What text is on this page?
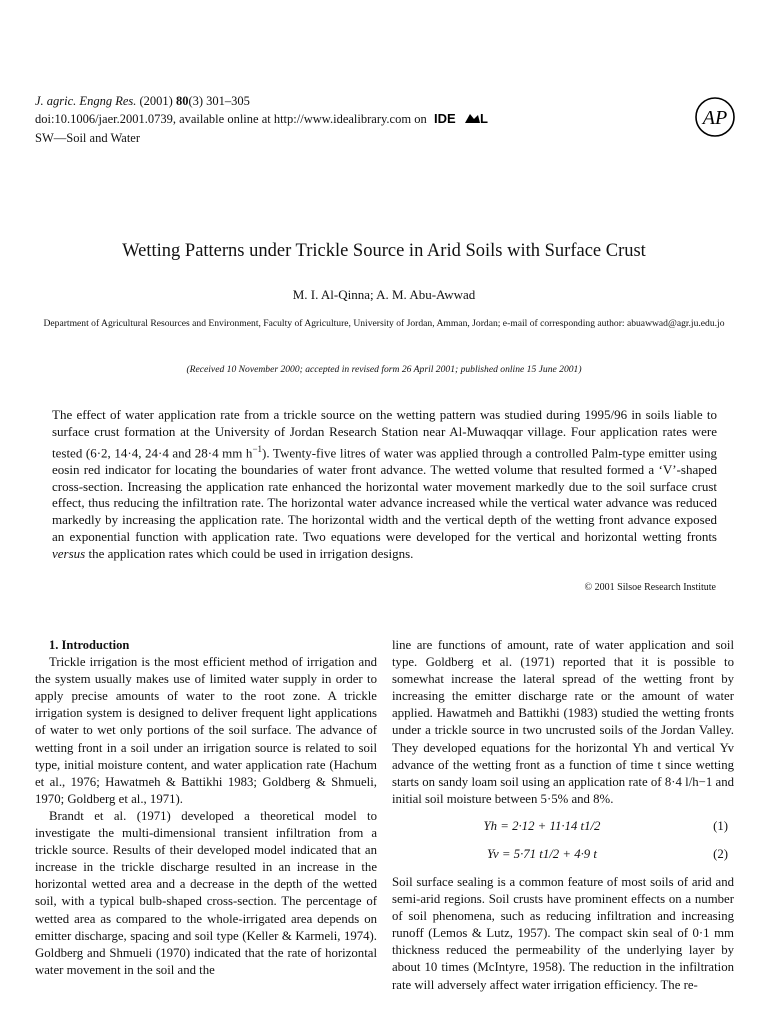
J. agric. Engng Res. (2001) 80(3) 301–305
doi:10.1006/jaer.2001.0739, available online at http://www.idealibrary.com on IDE L
SW—Soil and Water
AP
Wetting Patterns under Trickle Source in Arid Soils with Surface Crust
M. I. Al-Qinna; A. M. Abu-Awwad
Department of Agricultural Resources and Environment, Faculty of Agriculture, University of Jordan, Amman, Jordan; e-mail of corresponding author: abuawwad@agr.ju.edu.jo
(Received 10 November 2000; accepted in revised form 26 April 2001; published online 15 June 2001)
The effect of water application rate from a trickle source on the wetting pattern was studied during 1995/96 in soils liable to surface crust formation at the University of Jordan Research Station near Al-Muwaqqar village. Four application rates were tested (6·2, 14·4, 24·4 and 28·4 mm $h^{-1}$). Twenty-five litres of water was applied through a controlled Palm-type emitter using eosin red indicator for locating the boundaries of water front advance. The wetted volume that resulted formed a ‘V’-shaped cross-section. Increasing the application rate enhanced the horizontal water movement markedly due to the soil surface crust effect, thus reducing the infiltration rate. The horizontal water advance increased while the vertical water advance was reduced markedly by increasing the application rate. The horizontal width and the vertical depth of the wetting front advance exposed an exponential function with application rate. Two equations were developed for the vertical and horizontal wetting fronts versus the application rates which could be used in irrigation designs.
© 2001 Silsoe Research Institute

1. Introduction

Trickle irrigation is the most efficient method of irrigation and the system usually makes use of limited water supply in order to apply precise amounts of water to the root zone. A trickle irrigation system is designed to deliver frequent light applications of water to wet only portions of the soil surface. The advance of wetting front in a soil under an irrigation source is related to soil type, initial moisture content, and water application rate (Hachum et al., 1976; Hawatmeh & Battikhi 1983; Goldberg & Shmueli, 1970; Goldberg et al., 1971).

Brandt et al. (1971) developed a theoretical model to investigate the multi-dimensional transient infiltration from a trickle source. Results of their developed model indicated that an increase in the trickle discharge resulted in an increase in the horizontal wetted area and a decrease in the depth of the wetted soil, with a typical bulb-shaped cross-section. The percentage of wetted area as compared to the whole-irrigated area depends on emitter discharge, spacing and soil type (Keller & Karmeli, 1974). Goldberg and Shmueli (1970) indicated that the rate of horizontal water movement in the soil and the

line are functions of amount, rate of water application and soil type. Goldberg et al. (1971) reported that it is possible to somewhat increase the lateral spread of the wetting front by increasing the emitter discharge rate or the amount of water applied. Hawatmeh and Battikhi (1983) studied the wetting fronts under a trickle source in two uncrusted soils of the Jordan Valley. They developed equations for the horizontal Yh and vertical Yv advance of the wetting front as a function of time t since wetting starts on sandy loam soil using an application rate of 8·4 l/h−1 and initial soil moisture between 5·5% and 8%.

Yh = 2·12 + 11·14 t1/2	(1)
Yv = 5·71 t1/2 + 4·9 t	(2)

Soil surface sealing is a common feature of most soils of arid and semi-arid regions. Soil crusts have prominent effects on a number of soil phenomena, such as reducing infiltration and increasing runoff (Lemos & Lutz, 1957). The compact skin seal of 0·1 mm thickness reduced the permeability of the underlying layer by about 10 times (McIntyre, 1958). The reduction in the infiltration rate will adversely affect water irrigation efficiency. The re-
